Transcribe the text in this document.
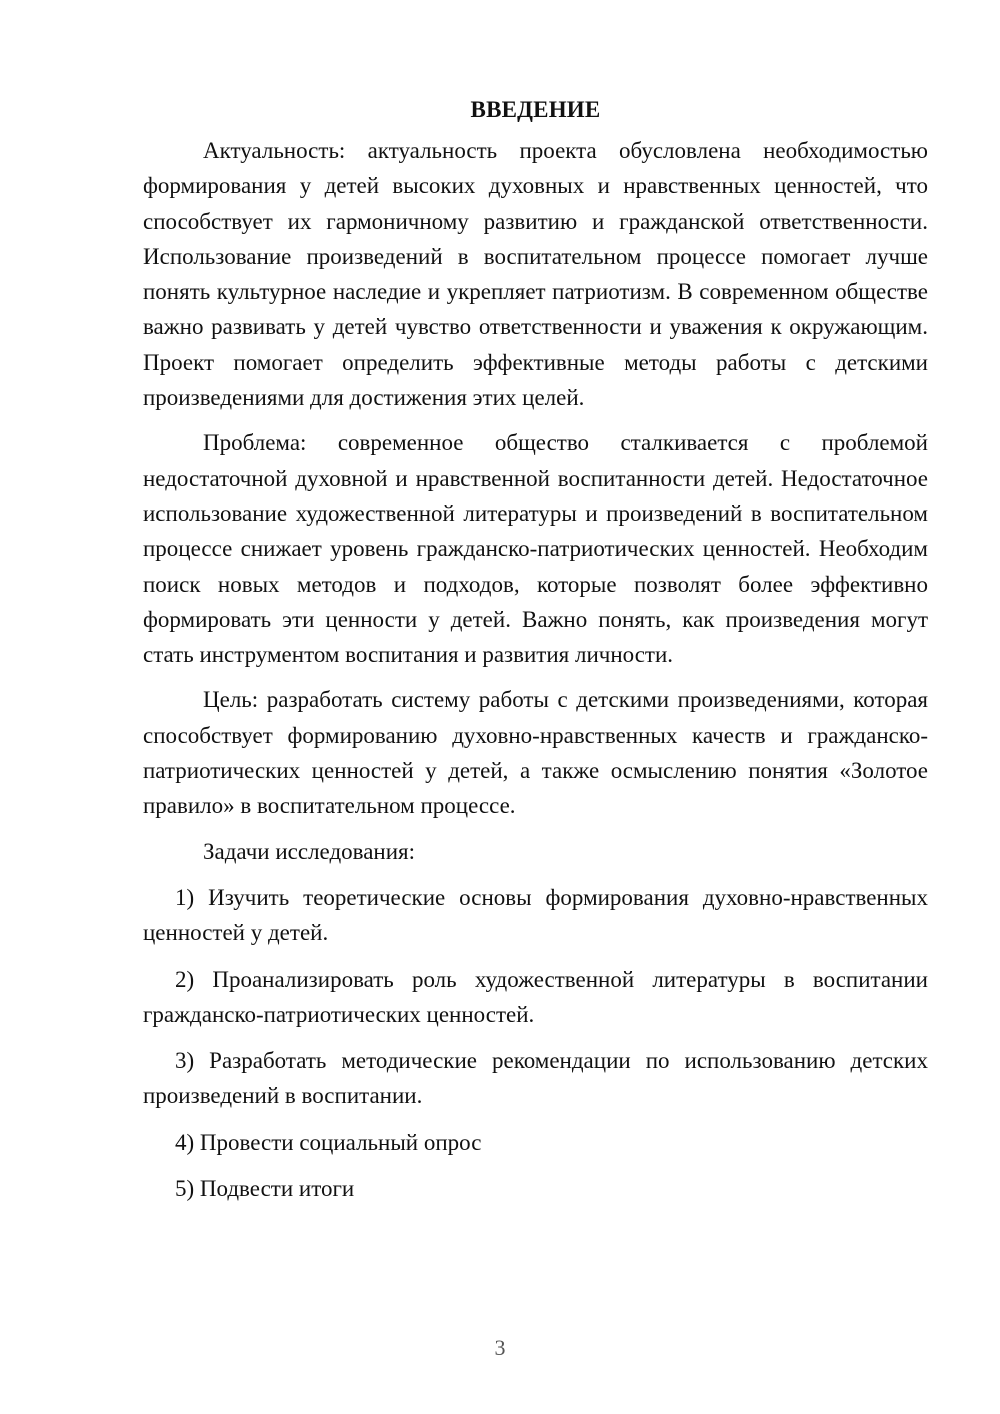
ВВЕДЕНИЕ

Актуальность: актуальность проекта обусловлена необходимостью формирования у детей высоких духовных и нравственных ценностей, что способствует их гармоничному развитию и гражданской ответственности. Использование произведений в воспитательном процессе помогает лучше понять культурное наследие и укрепляет патриотизм. В современном обществе важно развивать у детей чувство ответственности и уважения к окружающим. Проект помогает определить эффективные методы работы с детскими произведениями для достижения этих целей.

Проблема: современное общество сталкивается с проблемой недостаточной духовной и нравственной воспитанности детей. Недостаточное использование художественной литературы и произведений в воспитательном процессе снижает уровень гражданско-патриотических ценностей. Необходим поиск новых методов и подходов, которые позволят более эффективно формировать эти ценности у детей. Важно понять, как произведения могут стать инструментом воспитания и развития личности.

Цель: разработать систему работы с детскими произведениями, которая способствует формированию духовно-нравственных качеств и гражданско-патриотических ценностей у детей, а также осмыслению понятия «Золотое правило» в воспитательном процессе.

Задачи исследования:

1) Изучить теоретические основы формирования духовно-нравственных ценностей у детей.

2) Проанализировать роль художественной литературы в воспитании гражданско-патриотических ценностей.

3) Разработать методические рекомендации по использованию детских произведений в воспитании.

4) Провести социальный опрос

5) Подвести итоги

3
